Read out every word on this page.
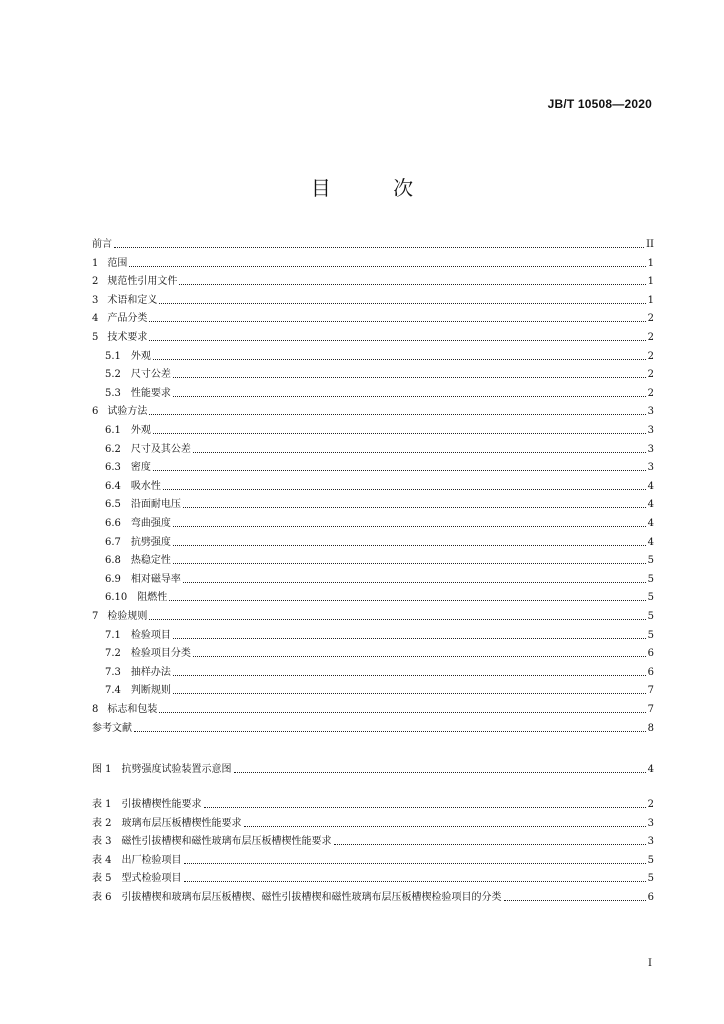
JB/T 10508—2020
目 次
前言	II
1 范围	1
2 规范性引用文件	1
3 术语和定义	1
4 产品分类	2
5 技术要求	2
5.1 外观	2
5.2 尺寸公差	2
5.3 性能要求	2
6 试验方法	3
6.1 外观	3
6.2 尺寸及其公差	3
6.3 密度	3
6.4 吸水性	4
6.5 沿面耐电压	4
6.6 弯曲强度	4
6.7 抗劈强度	4
6.8 热稳定性	5
6.9 相对磁导率	5
6.10 阻燃性	5
7 检验规则	5
7.1 检验项目	5
7.2 检验项目分类	6
7.3 抽样办法	6
7.4 判断规则	7
8 标志和包装	7
参考文献	8
图 1 抗劈强度试验装置示意图	4
表 1 引拔槽楔性能要求	2
表 2 玻璃布层压板槽楔性能要求	3
表 3 磁性引拔槽楔和磁性玻璃布层压板槽楔性能要求	3
表 4 出厂检验项目	5
表 5 型式检验项目	5
表 6 引拔槽楔和玻璃布层压板槽楔、磁性引拔槽楔和磁性玻璃布层压板槽楔检验项目的分类	6
I
